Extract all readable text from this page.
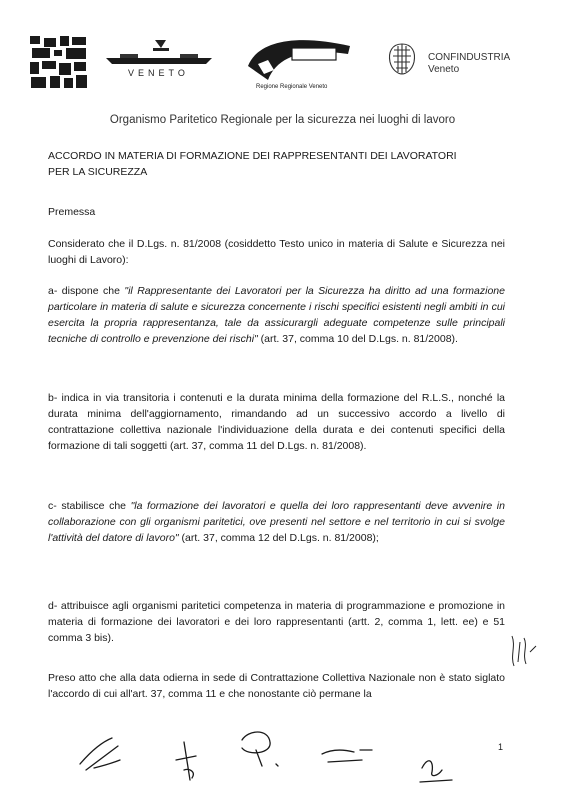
VENETO
Regione Regionale Veneto
CONFINDUSTRIA
Veneto
Organismo Paritetico Regionale per la sicurezza nei luoghi di lavoro
ACCORDO IN MATERIA DI FORMAZIONE DEI RAPPRESENTANTI DEI LAVORATORI
PER LA SICUREZZA
Premessa
Considerato che il D.Lgs. n. 81/2008 (cosiddetto Testo unico in materia di Salute e Sicurezza nei luoghi di Lavoro):
a- dispone che "il Rappresentante dei Lavoratori per la Sicurezza ha diritto ad una formazione particolare in materia di salute e sicurezza concernente i rischi specifici esistenti negli ambiti in cui esercita la propria rappresentanza, tale da assicurargli adeguate competenze sulle principali tecniche di controllo e prevenzione dei rischi" (art. 37, comma 10 del D.Lgs. n. 81/2008).
b- indica in via transitoria i contenuti e la durata minima della formazione del R.L.S., nonché la durata minima dell'aggiornamento, rimandando ad un successivo accordo a livello di contrattazione collettiva nazionale l'individuazione della durata e dei contenuti specifici della formazione di tali soggetti (art. 37, comma 11 del D.Lgs. n. 81/2008).
c- stabilisce che "la formazione dei lavoratori e quella dei loro rappresentanti deve avvenire in collaborazione con gli organismi paritetici, ove presenti nel settore e nel territorio in cui si svolge l'attività del datore di lavoro" (art. 37, comma 12 del D.Lgs. n. 81/2008);
d- attribuisce agli organismi paritetici competenza in materia di programmazione e promozione in materia di formazione dei lavoratori e dei loro rappresentanti (artt. 2, comma 1, lett. ee) e 51 comma 3 bis).
Preso atto che alla data odierna in sede di Contrattazione Collettiva Nazionale non è stato siglato l'accordo di cui all'art. 37, comma 11 e che nonostante ciò permane la
1
